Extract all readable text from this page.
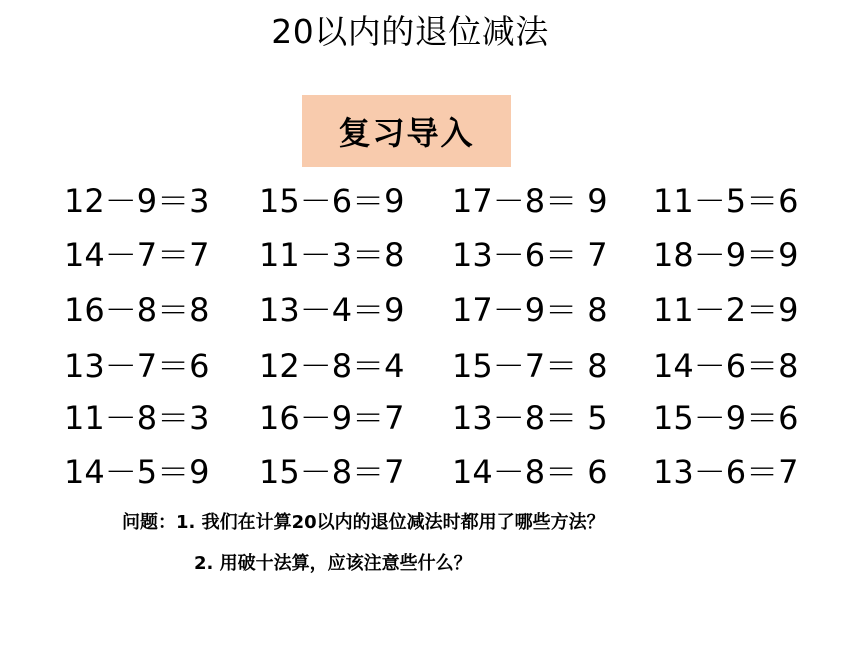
20以内的退位减法
复习导入
12－9＝3 15－6＝9 17－8＝ 9 11－5＝6
14－7＝7 11－3＝8 13－6＝ 7 18－9＝9
16－8＝8 13－4＝9 17－9＝ 8 11－2＝9
13－7＝6 12－8＝4 15－7＝ 8 14－6＝8
11－8＝3 16－9＝7 13－8＝ 5 15－9＝6
14－5＝9 15－8＝7 14－8＝ 6 13－6＝7
问题：1. 我们在计算20以内的退位减法时都用了哪些方法？
2. 用破十法算，应该注意些什么？
